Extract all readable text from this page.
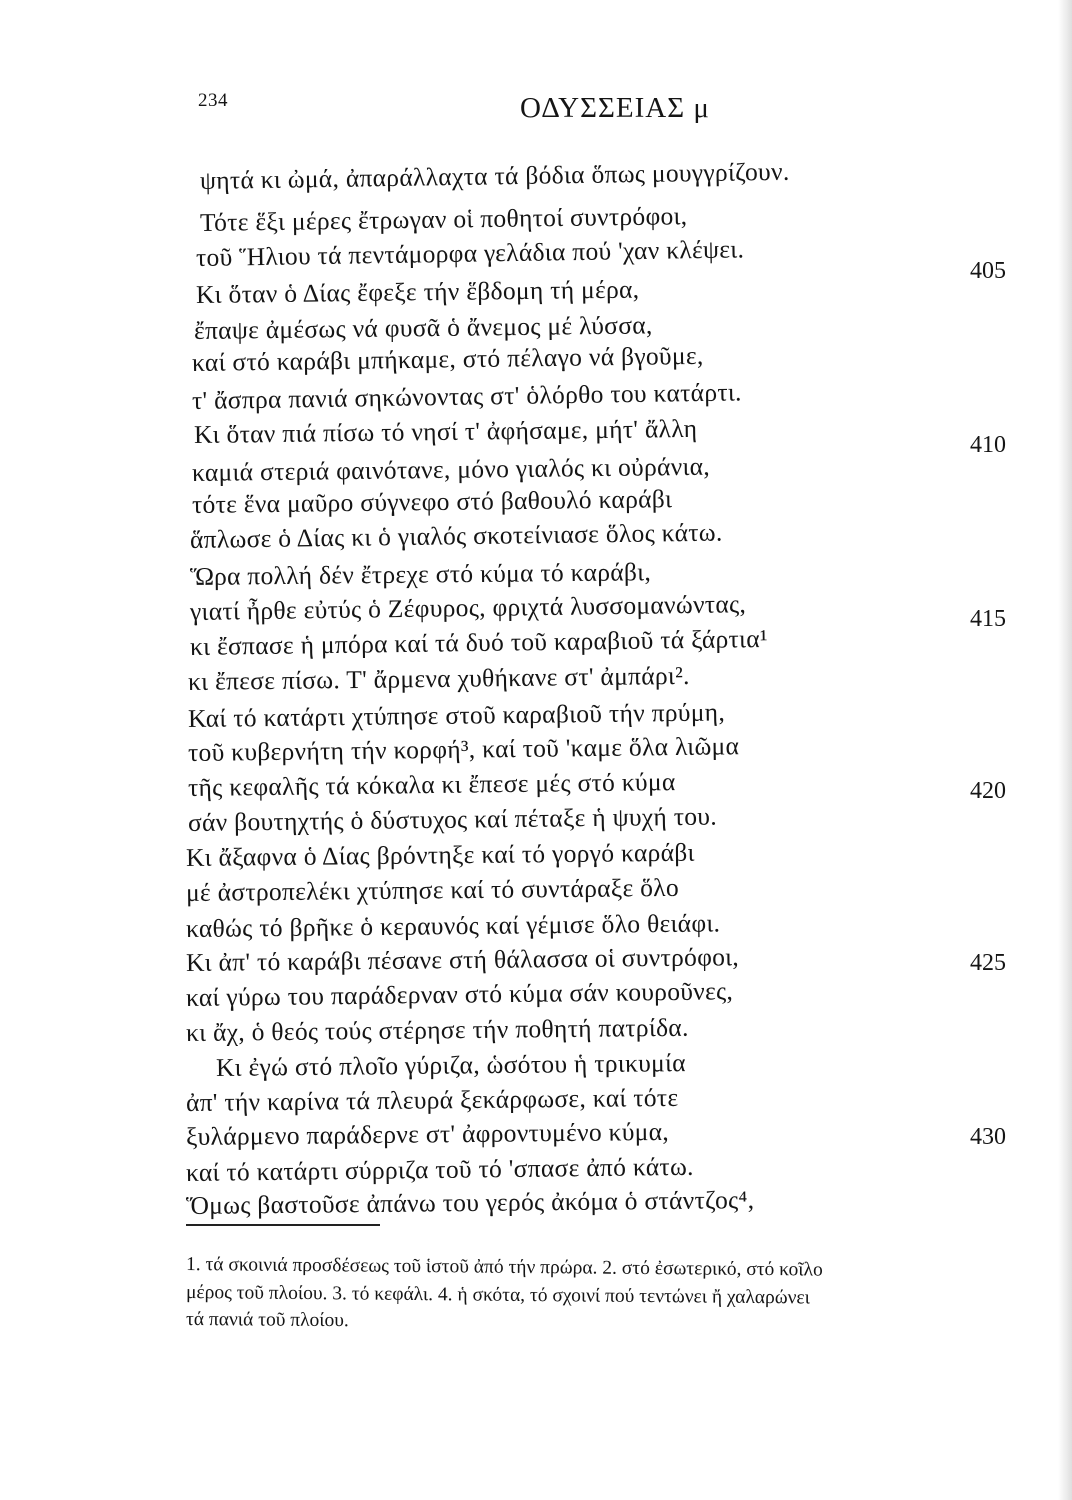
234	ΟΔΥΣΣΕΙΑΣ μ
ψητά κι ὠμά, ἀπαράλλαχτα τά βόδια ὅπως μουγγρίζουν.
Τότε ἕξι μέρες ἔτρωγαν οἱ ποθητοί συντρόφοι,
τοῦ Ἥλιου τά πεντάμορφα γελάδια πού 'χαν κλέψει.
Κι ὅταν ὁ Δίας ἔφεξε τήν ἕβδομη τή μέρα,
ἔπαψε ἀμέσως νά φυσᾶ ὁ ἄνεμος μέ λύσσα,
καί στό καράβι μπήκαμε, στό πέλαγο νά βγοῦμε,
τ' ἄσπρα πανιά σηκώνοντας στ' ὁλόρθο του κατάρτι.
Κι ὅταν πιά πίσω τό νησί τ' ἀφήσαμε, μήτ' ἄλλη
καμιά στεριά φαινότανε, μόνο γιαλός κι οὐράνια,
τότε ἕνα μαῦρο σύγνεφο στό βαθουλό καράβι
ἅπλωσε ὁ Δίας κι ὁ γιαλός σκοτείνιασε ὅλος κάτω.
Ὥρα πολλή δέν ἔτρεχε στό κύμα τό καράβι,
γιατί ἦρθε εὐτύς ὁ Ζέφυρος, φριχτά λυσσομανώντας,
κι ἔσπασε ἡ μπόρα καί τά δυό τοῦ καραβιοῦ τά ξάρτια¹
κι ἔπεσε πίσω. Τ' ἄρμενα χυθήκανε στ' ἀμπάρι².
Καί τό κατάρτι χτύπησε στοῦ καραβιοῦ τήν πρύμη,
τοῦ κυβερνήτη τήν κορφή³, καί τοῦ 'καμε ὅλα λιῶμα
τῆς κεφαλῆς τά κόκαλα κι ἔπεσε μές στό κύμα
σάν βουτηχτής ὁ δύστυχος καί πέταξε ἡ ψυχή του.
Κι ἄξαφνα ὁ Δίας βρόντηξε καί τό γοργό καράβι
μέ ἀστροπελέκι χτύπησε καί τό συντάραξε ὅλο
καθώς τό βρῆκε ὁ κεραυνός καί γέμισε ὅλο θειάφι.
Κι ἀπ' τό καράβι πέσανε στή θάλασσα οἱ συντρόφοι,
καί γύρω του παράδερναν στό κύμα σάν κουροῦνες,
κι ἄχ, ὁ θεός τούς στέρησε τήν ποθητή πατρίδα.
Κι ἐγώ στό πλοῖο γύριζα, ὡσότου ἡ τρικυμία
ἀπ' τήν καρίνα τά πλευρά ξεκάρφωσε, καί τότε
ξυλάρμενο παράδερνε στ' ἀφροντυμένο κύμα,
καί τό κατάρτι σύρριζα τοῦ τό 'σπασε ἀπό κάτω.
Ὅμως βαστοῦσε ἀπάνω του γερός ἀκόμα ὁ στάντζος⁴,
405
410
415
420
425
430
1. τά σκοινιά προσδέσεως τοῦ ἱστοῦ ἀπό τήν πρώρα. 2. στό ἐσωτερικό, στό κοῖλο
μέρος τοῦ πλοίου. 3. τό κεφάλι. 4. ἡ σκότα, τό σχοινί πού τεντώνει ἤ χαλαρώνει
τά πανιά τοῦ πλοίου.
